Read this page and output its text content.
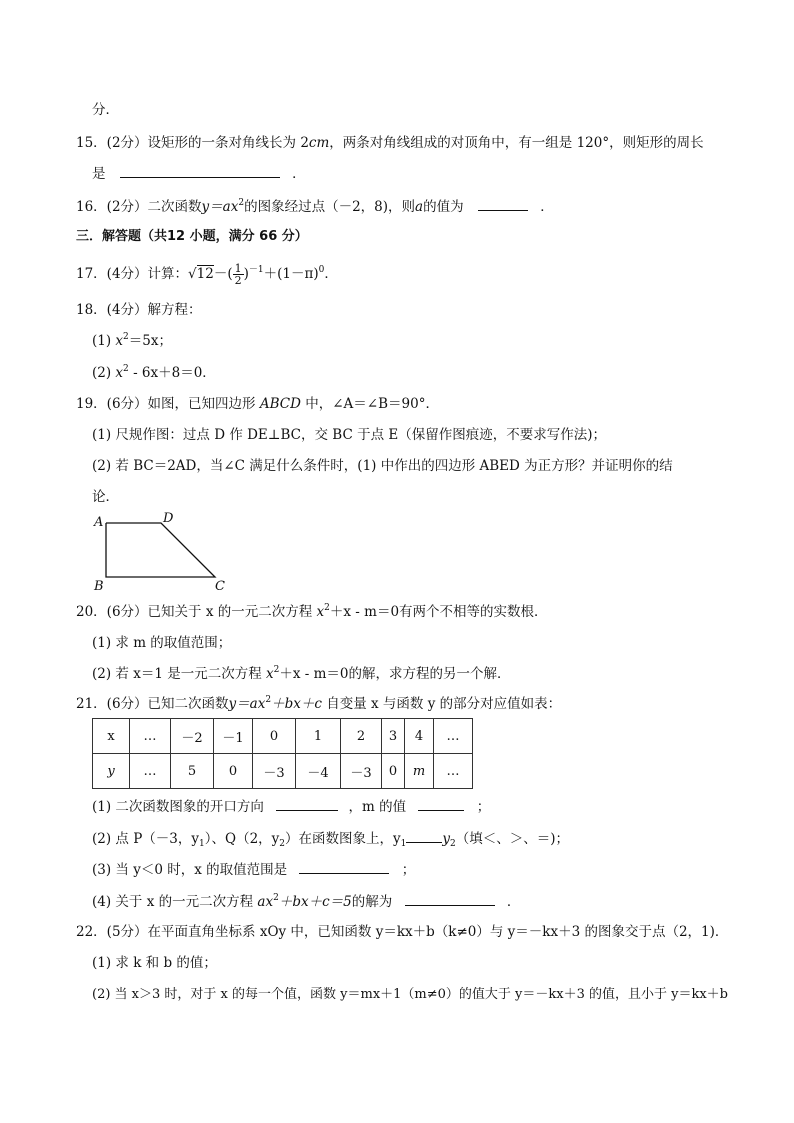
分．
15．(2分）设矩形的一条对角线长为 2cm，两条对角线组成的对顶角中，有一组是 120°，则矩形的周长
是	．
16．(2分）二次函数$y=ax^2$的图象经过点（－2，8)，则a的值为	．
三．解答题（共12 小题，满分 66 分）
17．(4分）计算：$√12-( \frac{1}{2} )^{-1}+(1-\pi)^0$．
18．(4分）解方程：
(1) $x^2=5x$；
(2) $x^2 - 6x+8=0$．
19．(6分）如图，已知四边形 ABCD 中，∠A＝∠B＝90°．
(1) 尺规作图：过点 D 作 DE⊥BC，交 BC 于点 E（保留作图痕迹，不要求写作法)；
(2) 若 BC＝2AD，当∠C 满足什么条件时，(1) 中作出的四边形 ABED 为正方形？并证明你的结
论．
A	D
B	C
20．(6分）已知关于 x 的一元二次方程 $x^2+x - m=0$有两个不相等的实数根．
(1) 求 m 的取值范围；
(2) 若 x＝1 是一元二次方程 $x^2+x - m=0$的解，求方程的另一个解．
21．(6分）已知二次函数$y=ax^2+bx+c$ 自变量 x 与函数 y 的部分对应值如表：
x	…	－2	－1	0	1	2	3	4	…
y	…	5	0	－3	－4	－3	0	m	…
(1) 二次函数图象的开口方向	，m 的值	；
(2) 点 P（－3，$y_1$）、Q（2，$y_2$）在函数图象上，$y_1$	$y_2$（填＜、＞、＝)；
(3) 当 y＜0 时，x 的取值范围是	；
(4) 关于 x 的一元二次方程 $ax^2+bx+c=5$的解为	．
22．(5分）在平面直角坐标系 xOy 中，已知函数 y＝kx＋b（k≠0）与 y＝－kx＋3 的图象交于点（2，1)．
(1) 求 k 和 b 的值；
(2) 当 x＞3 时，对于 x 的每一个值，函数 y＝mx＋1（m≠0）的值大于 y＝－kx＋3 的值，且小于 y＝kx＋b
